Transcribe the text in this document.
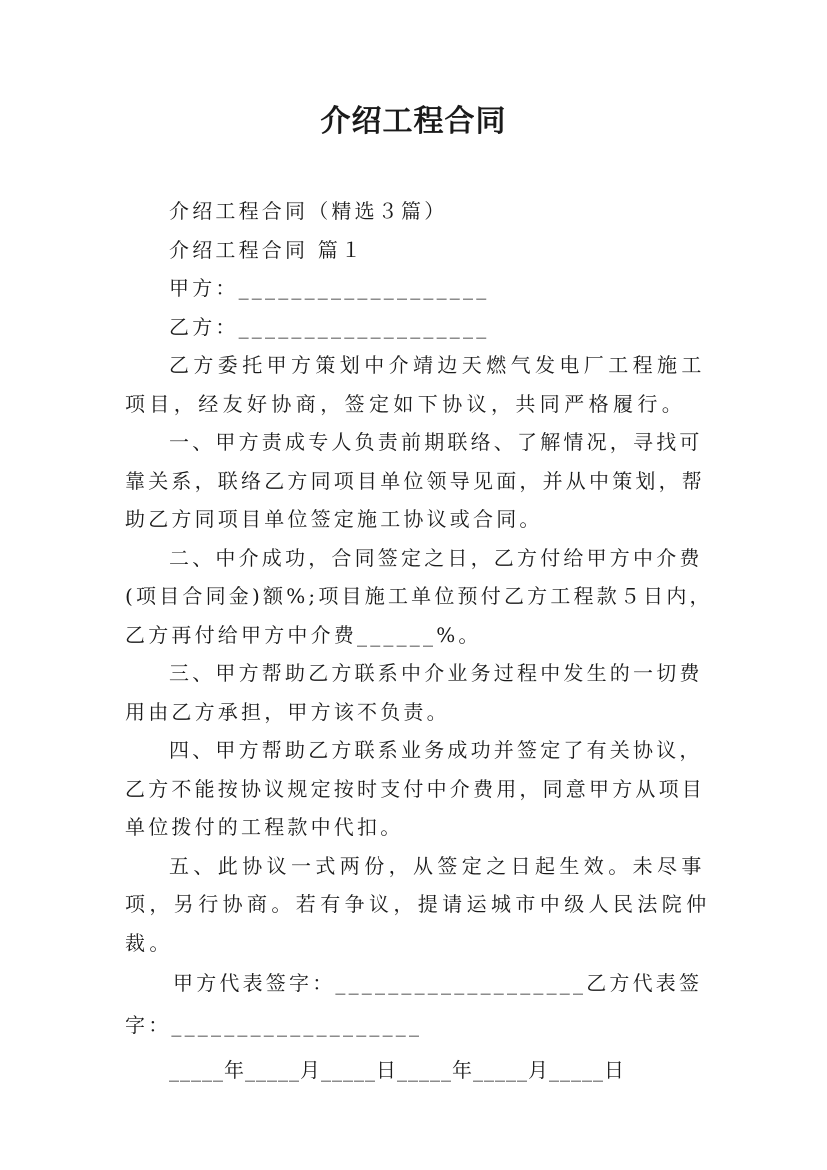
介绍工程合同

介绍工程合同（精选３篇）

介绍工程合同 篇１

甲方：___________________

乙方：___________________

乙方委托甲方策划中介靖边天燃气发电厂工程施工项目，经友好协商，签定如下协议，共同严格履行。

一、甲方责成专人负责前期联络、了解情况，寻找可靠关系，联络乙方同项目单位领导见面，并从中策划，帮助乙方同项目单位签定施工协议或合同。

二、中介成功，合同签定之日，乙方付给甲方中介费(项目合同金)额%;项目施工单位预付乙方工程款５日内，乙方再付给甲方中介费______%。

三、甲方帮助乙方联系中介业务过程中发生的一切费用由乙方承担，甲方该不负责。

四、甲方帮助乙方联系业务成功并签定了有关协议，乙方不能按协议规定按时支付中介费用，同意甲方从项目单位拨付的工程款中代扣。

五、此协议一式两份，从签定之日起生效。未尽事项，另行协商。若有争议，提请运城市中级人民法院仲裁。

甲方代表签字：___________________乙方代表签字：___________________

_____年_____月_____日_____年_____月_____日
